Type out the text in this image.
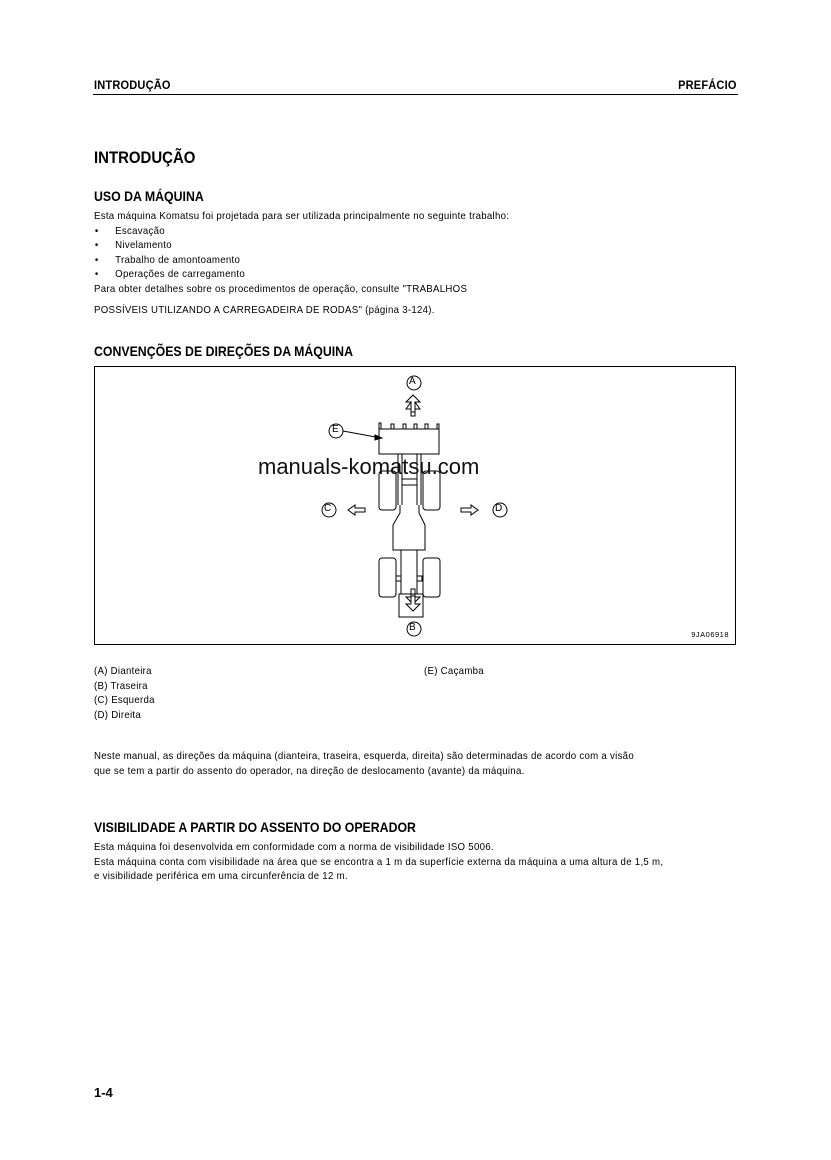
INTRODUÇÃO	PREFÁCIO
INTRODUÇÃO
USO DA MÁQUINA

Esta máquina Komatsu foi projetada para ser utilizada principalmente no seguinte trabalho:

• Escavação
• Nivelamento
• Trabalho de amontoamento
• Operações de carregamento

Para obter detalhes sobre os procedimentos de operação, consulte "TRABALHOS

POSSÍVEIS UTILIZANDO A CARREGADEIRA DE RODAS" (página 3-124).

CONVENÇÕES DE DIREÇÕES DA MÁQUINA
A
B
C	D
E
9JA06918
manuals-komatsu.com

(A) Dianteira

(B) Traseira

(C) Esquerda

(D) Direita

(E) Caçamba

Neste manual, as direções da máquina (dianteira, traseira, esquerda, direita) são determinadas de acordo com a visão

que se tem a partir do assento do operador, na direção de deslocamento (avante) da máquina.

VISIBILIDADE A PARTIR DO ASSENTO DO OPERADOR

Esta máquina foi desenvolvida em conformidade com a norma de visibilidade ISO 5006.

Esta máquina conta com visibilidade na área que se encontra a 1 m da superfície externa da máquina a uma altura de 1,5 m,

e visibilidade periférica em uma circunferência de 12 m.

1-4
